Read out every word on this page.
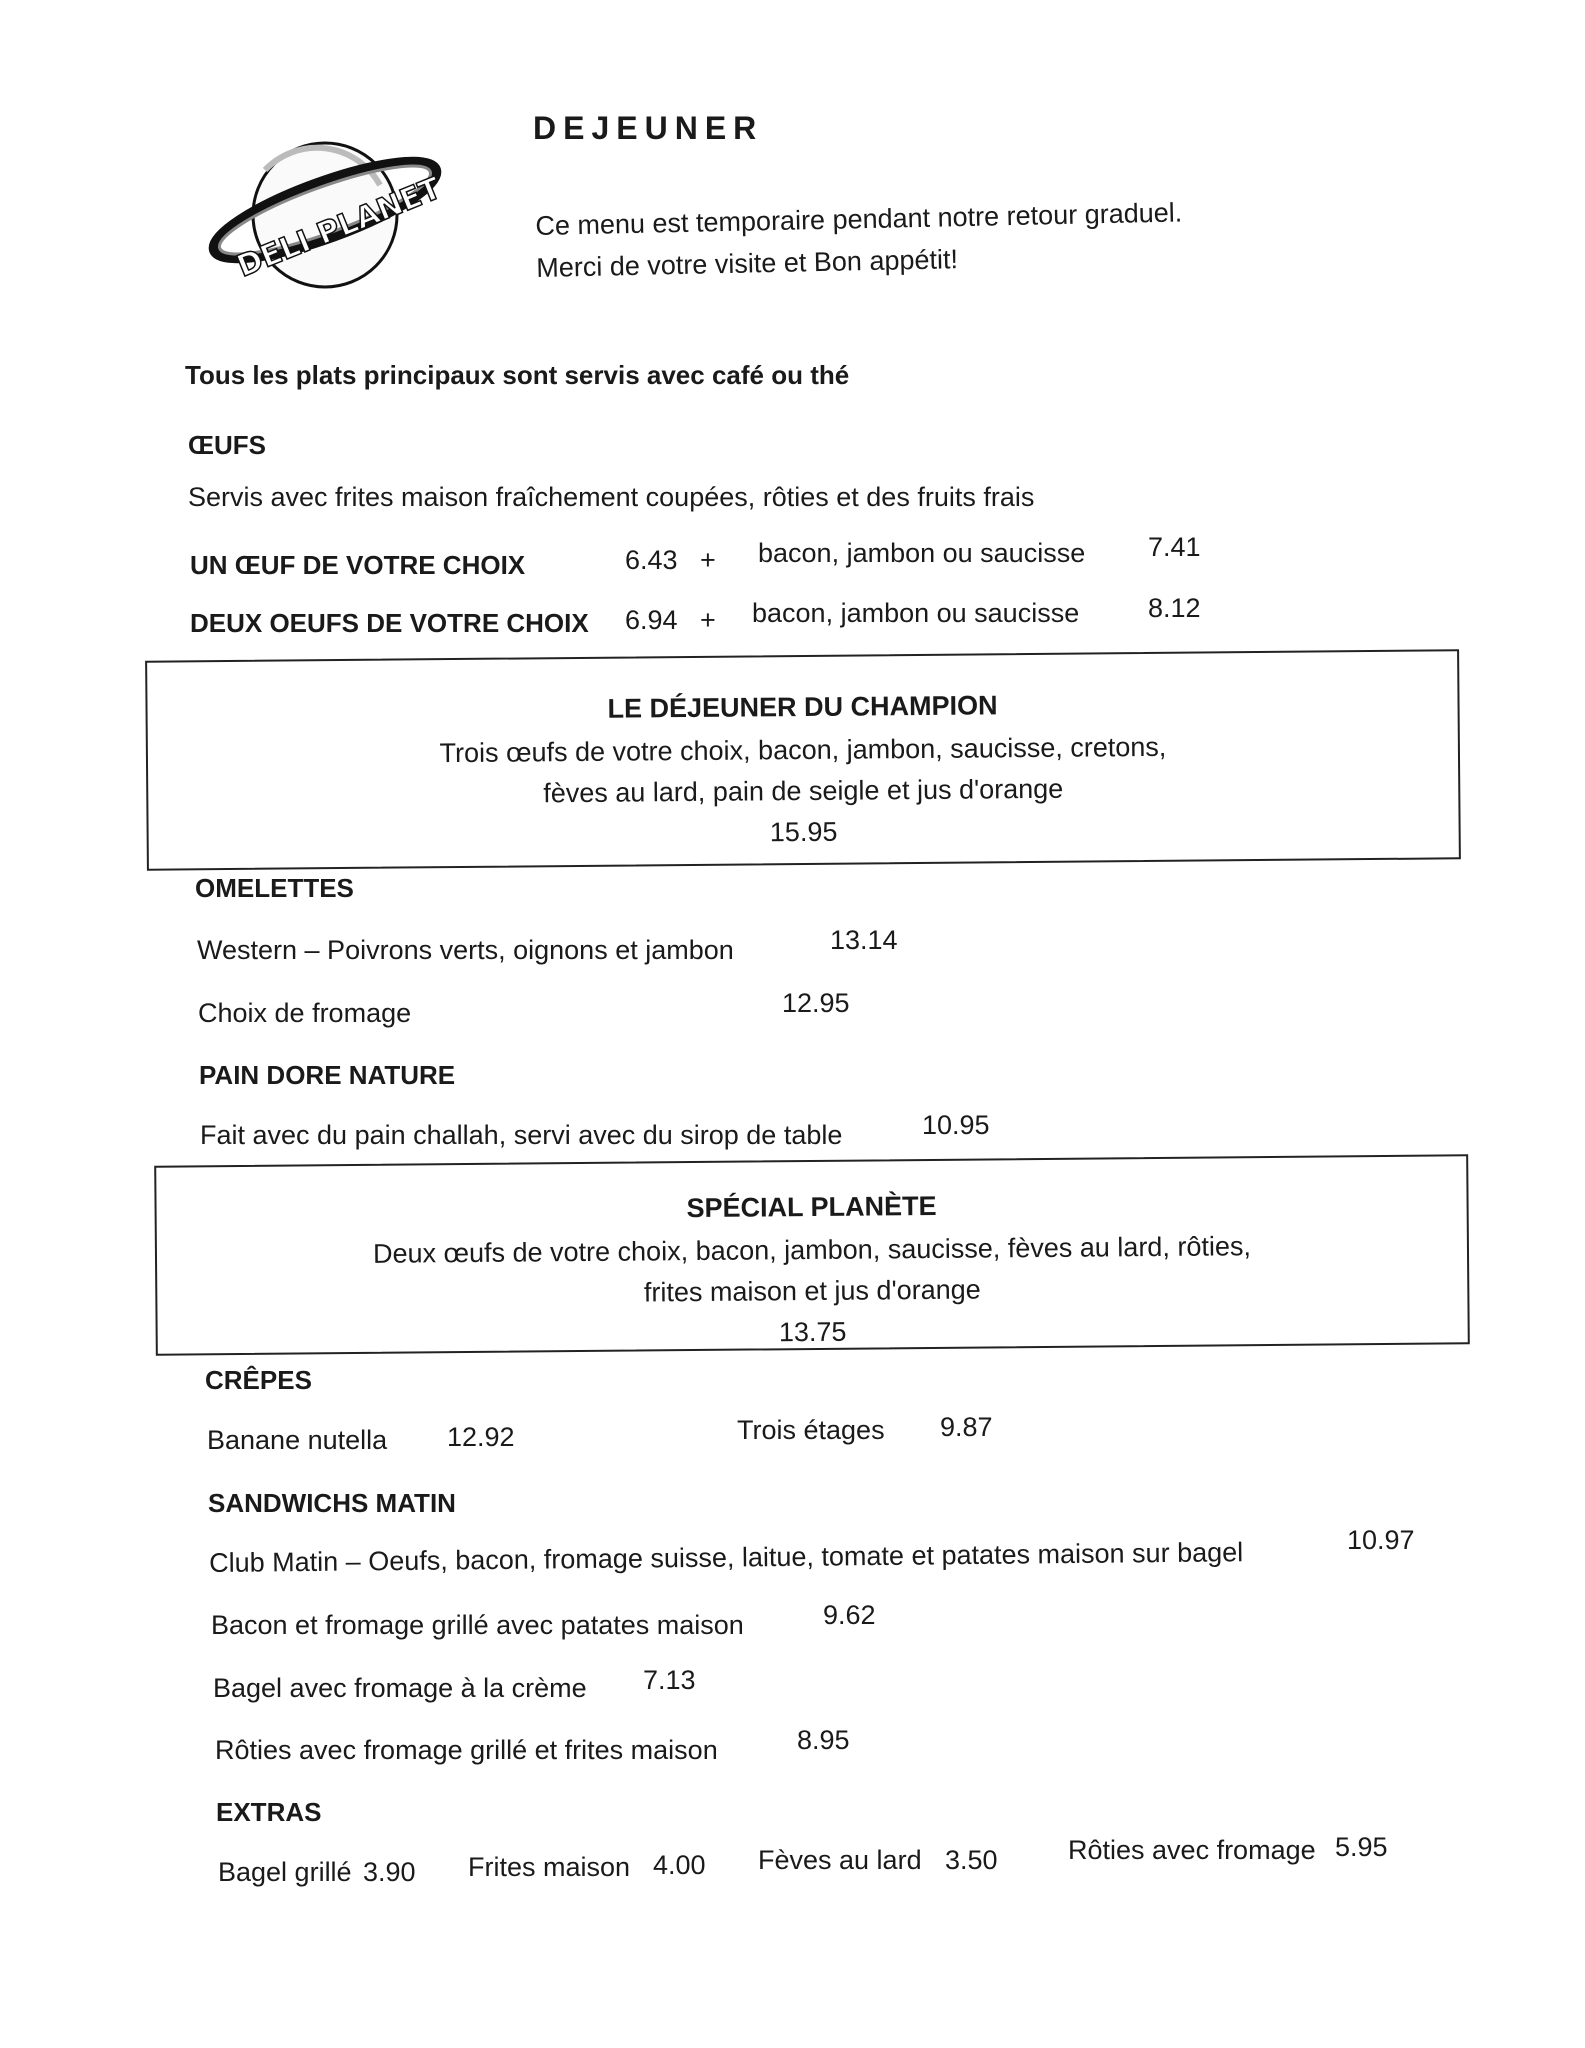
DELI PLANET
DEJEUNER
Ce menu est temporaire pendant notre retour graduel.
Merci de votre visite et Bon appétit!
Tous les plats principaux sont servis avec café ou thé
ŒUFS
Servis avec frites maison fraîchement coupées, rôties et des fruits frais
UN ŒUF DE VOTRE CHOIX	6.43 + bacon, jambon ou saucisse 7.41
DEUX OEUFS DE VOTRE CHOIX 6.94 + bacon, jambon ou saucisse	8.12
LE DÉJEUNER DU CHAMPION
Trois œufs de votre choix, bacon, jambon, saucisse, cretons,
fèves au lard, pain de seigle et jus d'orange
15.95
OMELETTES
Western – Poivrons verts, oignons et jambon	13.14
Choix de fromage	12.95
PAIN DORE NATURE
Fait avec du pain challah, servi avec du sirop de table	10.95
SPÉCIAL PLANÈTE
Deux œufs de votre choix, bacon, jambon, saucisse, fèves au lard, rôties,
frites maison et jus d'orange
13.75
CRÊPES
Banane nutella 12.92	Trois étages 9.87
SANDWICHS MATIN
Club Matin – Oeufs, bacon, fromage suisse, laitue, tomate et patates maison sur bagel	10.97
Bacon et fromage grillé avec patates maison	9.62
Bagel avec fromage à la crème 7.13
Rôties avec fromage grillé et frites maison	8.95
EXTRAS
Bagel grillé 3.90 Frites maison 4.00 Fèves au lard 3.50	Rôties avec fromage 5.95
